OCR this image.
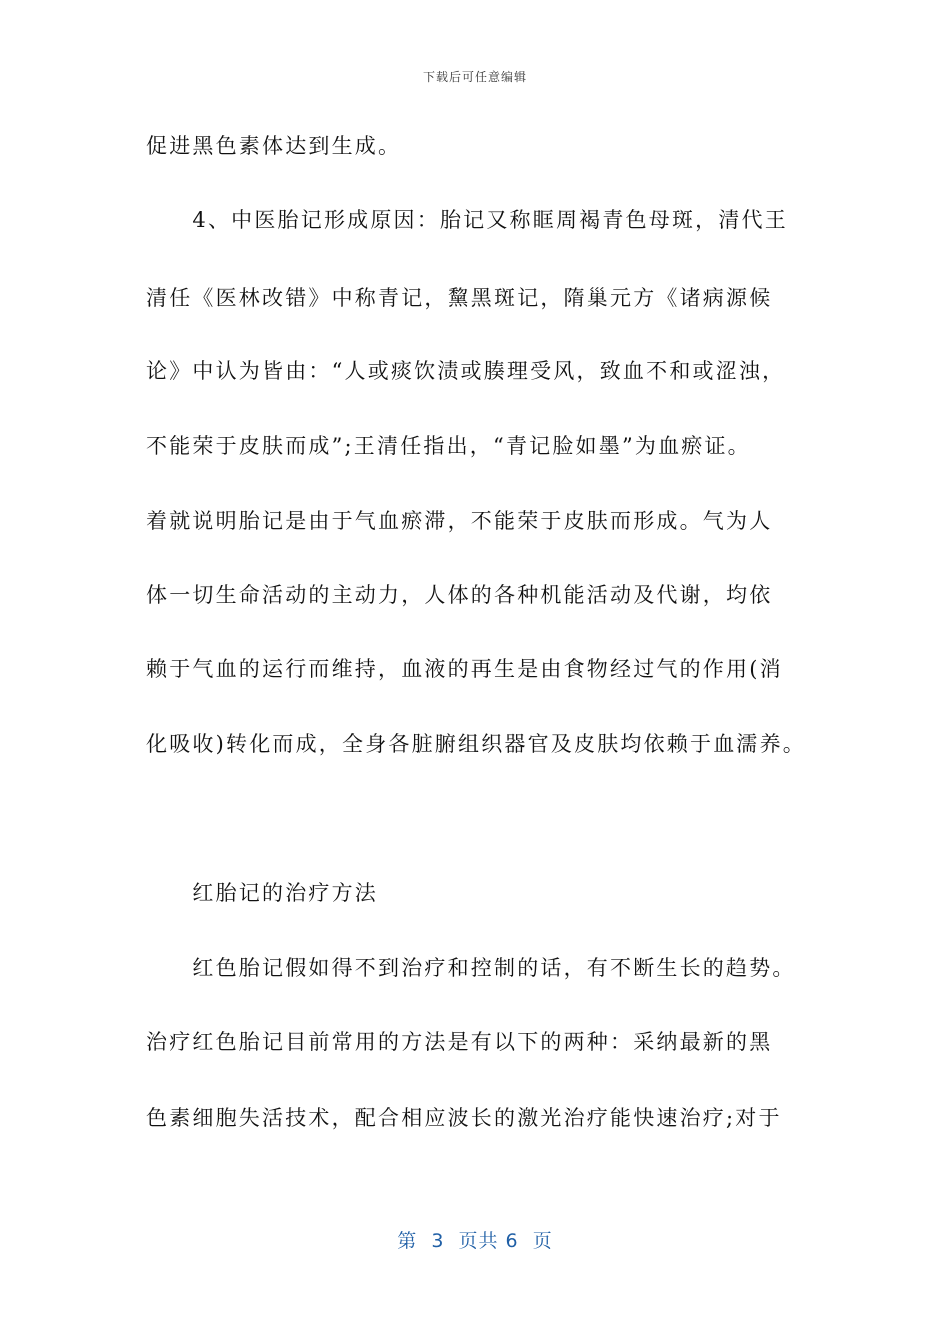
下载后可任意编辑
促进黑色素体达到生成。
　　4、中医胎记形成原因：胎记又称眶周褐青色母斑，清代王
清任《医林改错》中称青记，黧黑斑记，隋巢元方《诸病源候
论》中认为皆由：“人或痰饮渍或腠理受风，致血不和或涩浊，
不能荣于皮肤而成”;王清任指出，“青记脸如墨”为血瘀证。
着就说明胎记是由于气血瘀滞，不能荣于皮肤而形成。气为人
体一切生命活动的主动力，人体的各种机能活动及代谢，均依
赖于气血的运行而维持，血液的再生是由食物经过气的作用(消
化吸收)转化而成，全身各脏腑组织器官及皮肤均依赖于血濡养。
　　红胎记的治疗方法
　　红色胎记假如得不到治疗和控制的话，有不断生长的趋势。
治疗红色胎记目前常用的方法是有以下的两种：采纳最新的黑
色素细胞失活技术，配合相应波长的激光治疗能快速治疗;对于
第  3  页共 6  页
